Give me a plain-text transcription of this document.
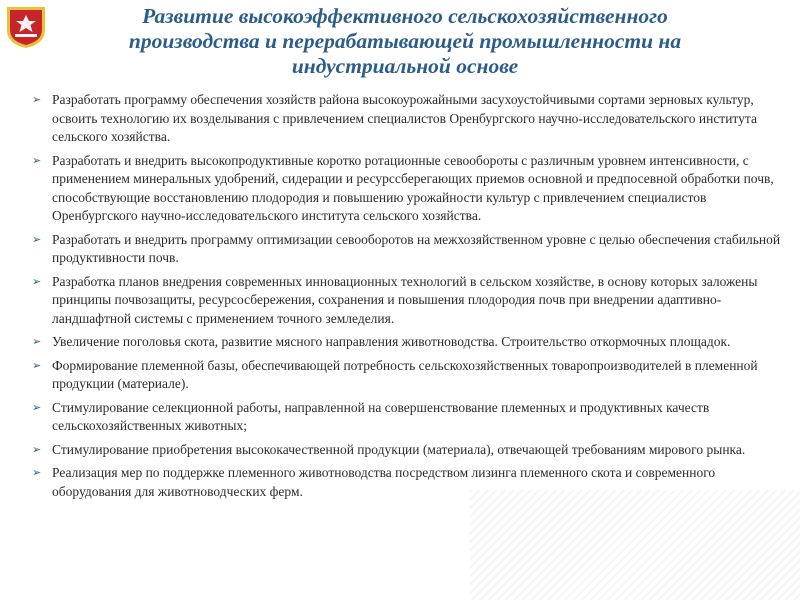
Развитие высокоэффективного сельскохозяйственного
производства и перерабатывающей промышленности на
индустриальной основе
➢ Разработать программу обеспечения хозяйств района высокоурожайными засухоустойчивыми сортами зерновых культур, освоить технологию их возделывания с привлечением специалистов Оренбургского научно-исследовательского института сельского хозяйства.
➢ Разработать и внедрить высокопродуктивные коротко ротационные севообороты с различным уровнем интенсивности, с применением минеральных удобрений, сидерации и ресурссберегающих приемов основной и предпосевной обработки почв, способствующие восстановлению плодородия и повышению урожайности культур с привлечением специалистов Оренбургского научно-исследовательского института сельского хозяйства.
➢ Разработать и внедрить программу оптимизации севооборотов на межхозяйственном уровне с целью обеспечения стабильной продуктивности почв.
➢ Разработка планов внедрения современных инновационных технологий в сельском хозяйстве, в основу которых заложены принципы почвозащиты, ресурсосбережения, сохранения и повышения плодородия почв при внедрении адаптивно-ландшафтной системы с применением точного земледелия.
➢ Увеличение поголовья скота, развитие мясного направления животноводства. Строительство откормочных площадок.
➢ Формирование племенной базы, обеспечивающей потребность сельскохозяйственных товаропроизводителей в племенной продукции (материале).
➢ Стимулирование селекционной работы, направленной на совершенствование племенных и продуктивных качеств сельскохозяйственных животных;
➢ Стимулирование приобретения высококачественной продукции (материала), отвечающей требованиям мирового рынка.
➢ Реализация мер по поддержке племенного животноводства посредством лизинга племенного скота и современного оборудования для животноводческих ферм.
